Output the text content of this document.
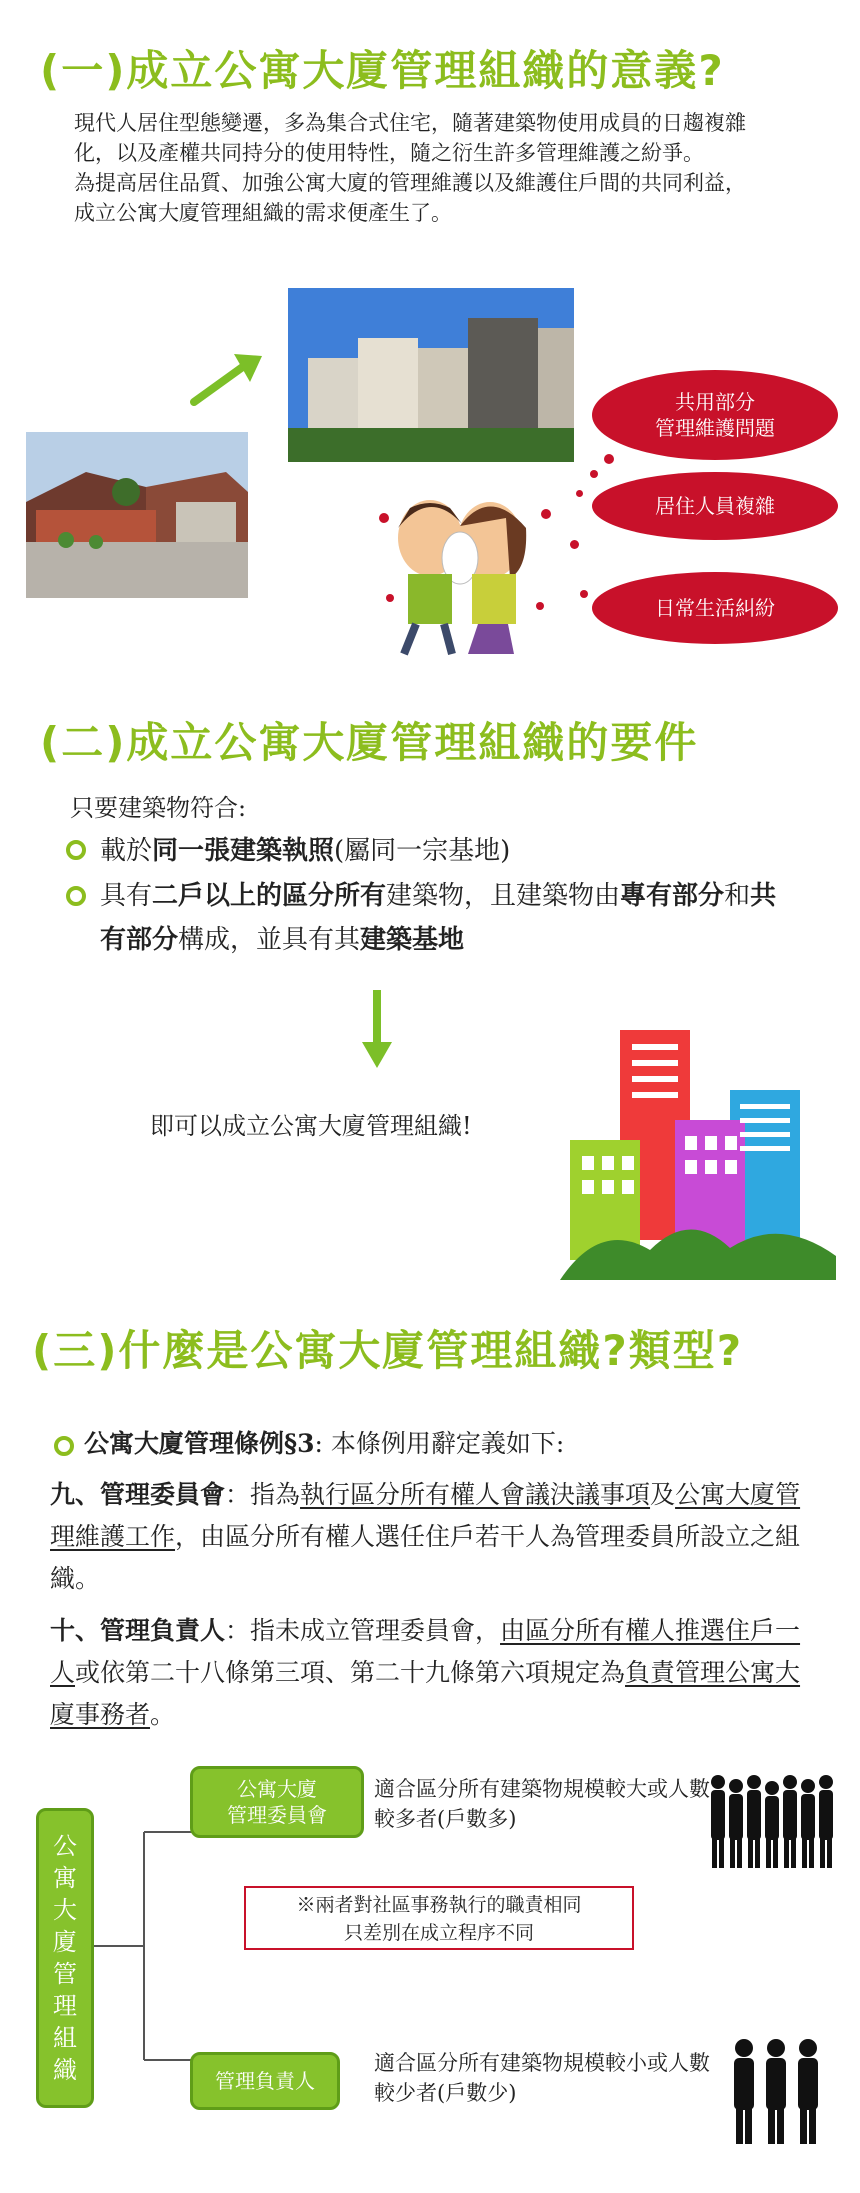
(一)成立公寓大廈管理組織的意義?

現代人居住型態變遷，多為集合式住宅，隨著建築物使用成員的日趨複雜化，以及產權共同持分的使用特性，隨之衍生許多管理維護之紛爭。

為提高居住品質、加強公寓大廈的管理維護以及維護住戶間的共同利益，成立公寓大廈管理組織的需求便產生了。

共用部分
管理維護問題
居住人員複雜
日常生活糾紛
(二)成立公寓大廈管理組織的要件
只要建築物符合:
載於同一張建築執照(屬同一宗基地)
具有二戶以上的區分所有建築物，且建築物由專有部分和共有部分構成，並具有其建築基地
即可以成立公寓大廈管理組織!
(三)什麼是公寓大廈管理組織?類型?
公寓大廈管理條例§3: 本條例用辭定義如下:
九、管理委員會：指為執行區分所有權人會議決議事項及公寓大廈管理維護工作，由區分所有權人選任住戶若干人為管理委員所設立之組織。
十、管理負責人：指未成立管理委員會，由區分所有權人推選住戶一人或依第二十八條第三項、第二十九條第六項規定為負責管理公寓大廈事務者。
公寓大廈管理組織
公寓大廈
管理委員會
適合區分所有建築物規模較大或人數較多者(戶數多)
※兩者對社區事務執行的職責相同
只差別在成立程序不同
管理負責人
適合區分所有建築物規模較小或人數較少者(戶數少)
